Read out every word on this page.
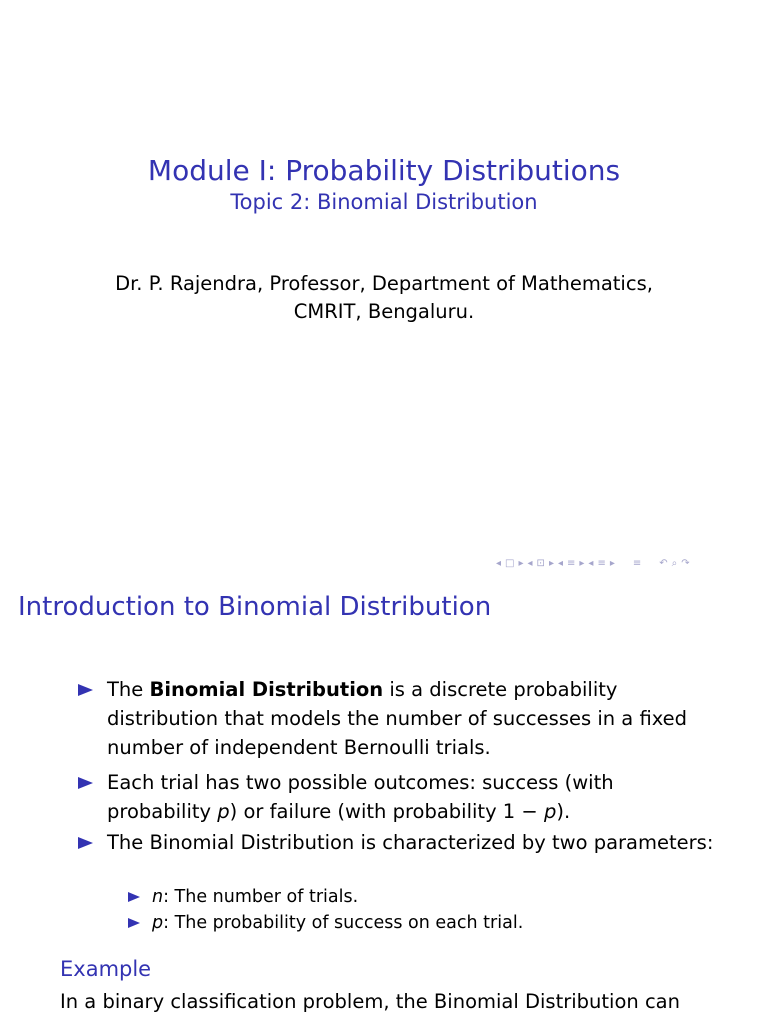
Module I: Probability Distributions
Topic 2: Binomial Distribution
Dr. P. Rajendra, Professor, Department of Mathematics,
CMRIT, Bengaluru.
◂ □ ▸ ◂ ⊡ ▸ ◂ ≡ ▸ ◂ ≡ ▸ ≡ ↶ ⌕ ↷
Introduction to Binomial Distribution
The Binomial Distribution is a discrete probability
distribution that models the number of successes in a fixed
number of independent Bernoulli trials.
Each trial has two possible outcomes: success (with
probability p) or failure (with probability 1 − p).
The Binomial Distribution is characterized by two parameters:
n: The number of trials.
p: The probability of success on each trial.
Example
In a binary classification problem, the Binomial Distribution can
